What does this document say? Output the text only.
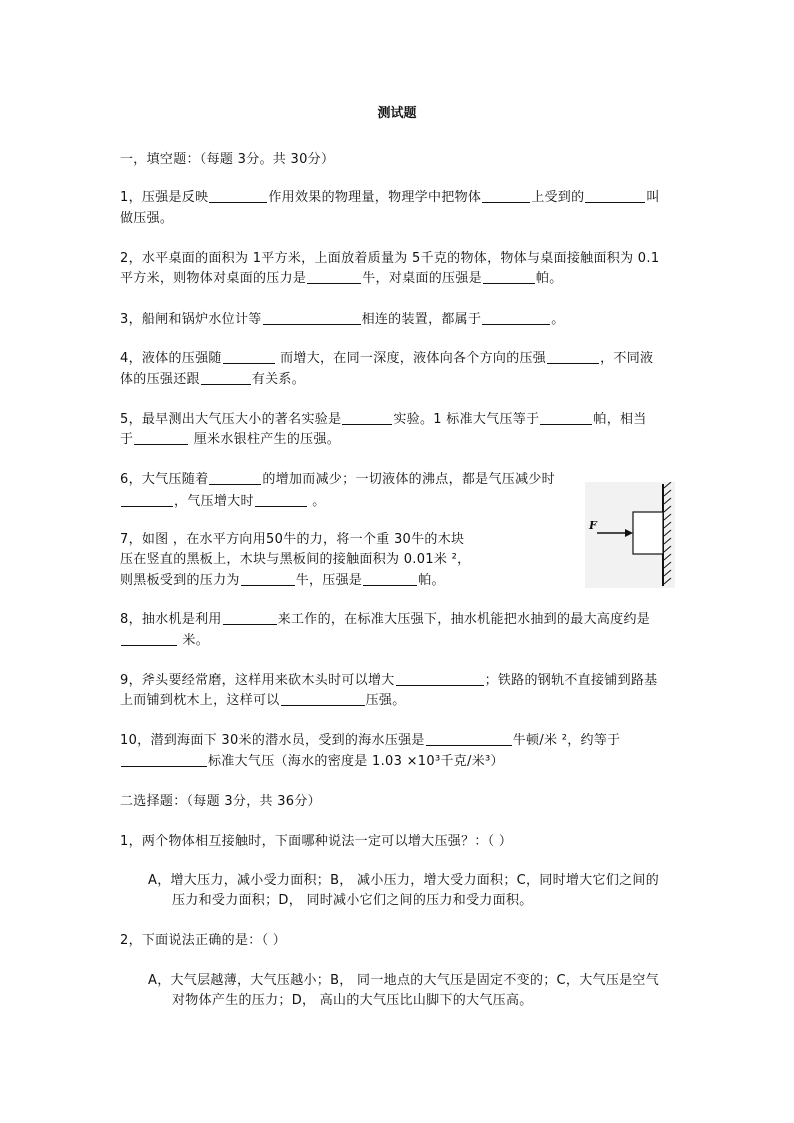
测试题
一，填空题：（每题 3分。共 30分）
1，压强是反映	作用效果的物理量，物理学中把物体	上受到的	叫
做压强。
2，水平桌面的面积为 1平方米，上面放着质量为 5千克的物体，物体与桌面接触面积为 0.1
平方米，则物体对桌面的压力是	牛，对桌面的压强是	帕。
3，船闸和锅炉水位计等	相连的装置，都属于	。
4，液体的压强随	而增大，在同一深度，液体向各个方向的压强	，不同液
体的压强还跟	有关系。
5，最早测出大气压大小的著名实验是	实验。1 标准大气压等于	帕，相当
于	厘米水银柱产生的压强。
6，大气压随着	的增加而减少；一切液体的沸点，都是气压减少时
，气压增大时	。
7，如图 ，在水平方向用50牛的力，将一个重 30牛的木块
压在竖直的黑板上，木块与黑板间的接触面积为 0.01米 ²，
则黑板受到的压力为	牛，压强是	帕。
F
8，抽水机是利用	来工作的，在标准大压强下，抽水机能把水抽到的最大高度约是
米。
9，斧头要经常磨，这样用来砍木头时可以增大	；铁路的钢轨不直接铺到路基
上而铺到枕木上，这样可以	压强。
10，潜到海面下 30米的潜水员，受到的海水压强是	牛顿/米 ²，约等于
标准大气压（海水的密度是 1.03 ×10³千克/米³）
二选择题：（每题 3分，共 36分）
1，两个物体相互接触时，下面哪种说法一定可以增大压强？：（ ）
A，增大压力，减小受力面积；B， 减小压力，增大受力面积；C，同时增大它们之间的
压力和受力面积；D， 同时减小它们之间的压力和受力面积。
2，下面说法正确的是：（ ）
A，大气层越薄，大气压越小；B， 同一地点的大气压是固定不变的；C，大气压是空气
对物体产生的压力；D， 高山的大气压比山脚下的大气压高。
